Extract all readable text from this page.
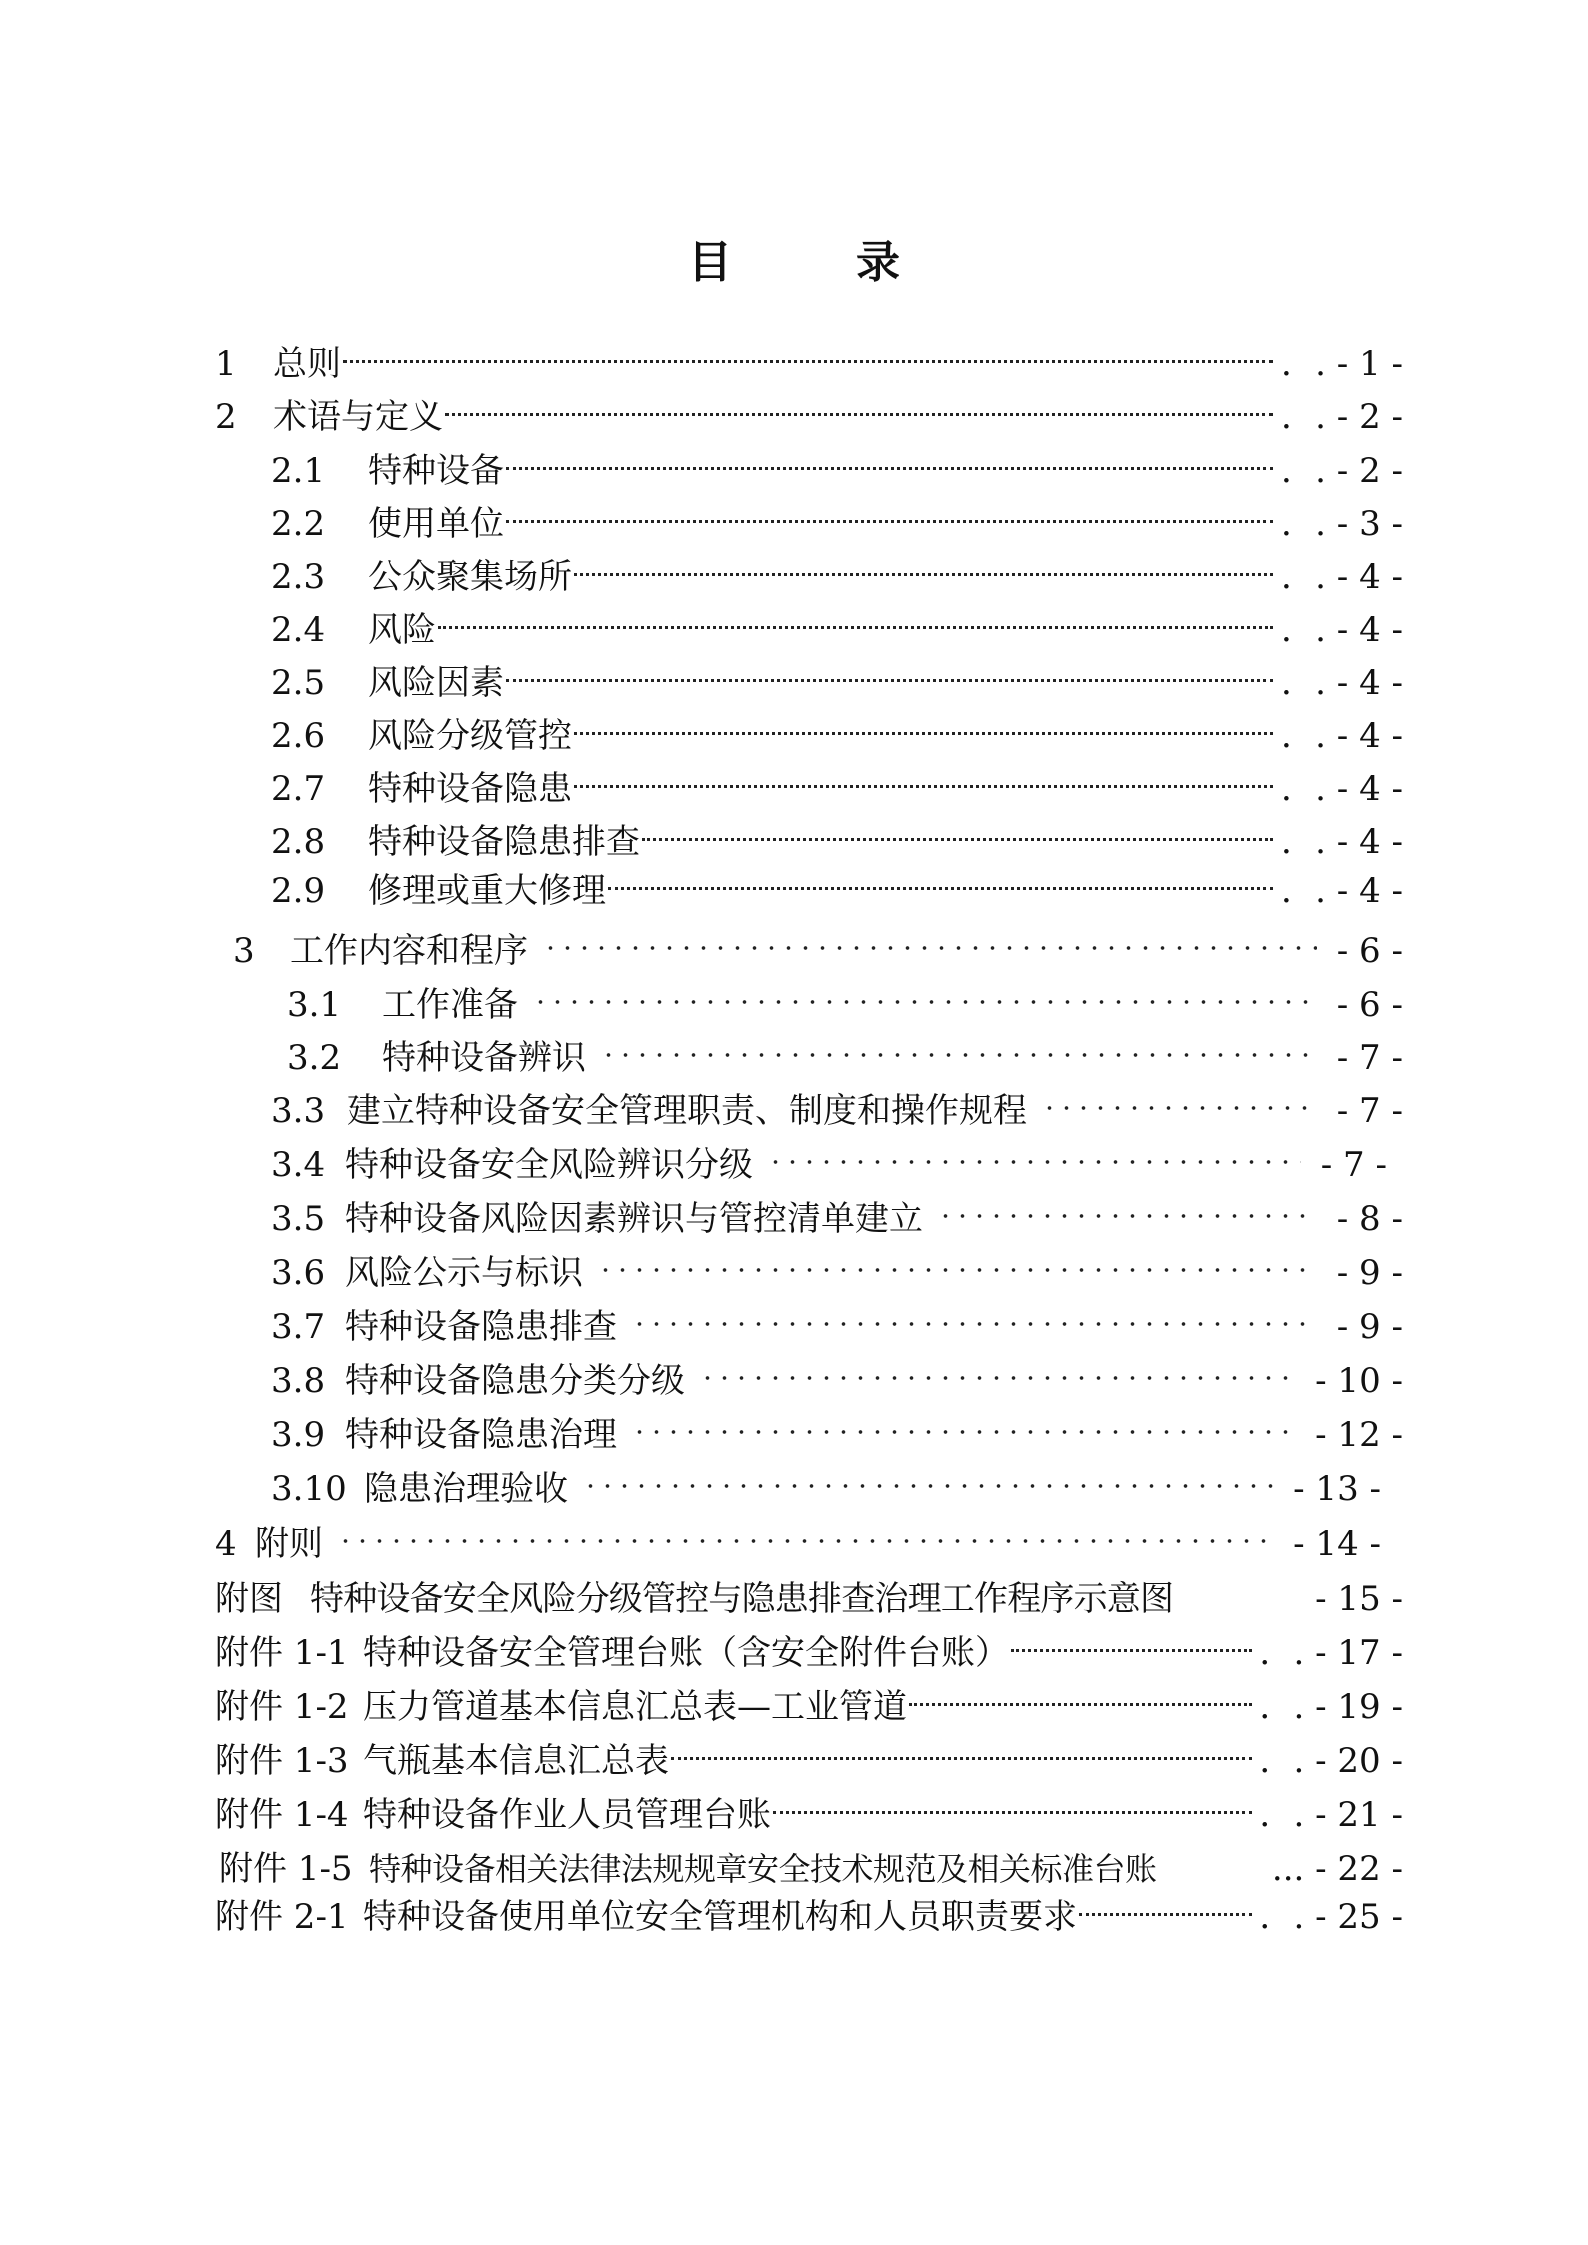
目　录
1	总则	．. - 1 -
2	术语与定义	．. - 2 -
2.1	特种设备	．. - 2 -
2.2	使用单位	．. - 3 -
2.3	公众聚集场所	．. - 4 -
2.4	风险	．. - 4 -
2.5	风险因素	．. - 4 -
2.6	风险分级管控	．. - 4 -
2.7	特种设备隐患	．. - 4 -
2.8	特种设备隐患排查	．. - 4 -
2.9	修理或重大修理	．. - 4 -
3	工作内容和程序	- 6 -
3.1	工作准备	- 6 -
3.2	特种设备辨识	- 7 -
3.3 建立特种设备安全管理职责、制度和操作规程	- 7 -
3.4 特种设备安全风险辨识分级	- 7 -
3.5 特种设备风险因素辨识与管控清单建立	- 8 -
3.6 风险公示与标识	- 9 -
3.7 特种设备隐患排查	- 9 -
3.8 特种设备隐患分类分级	- 10 -
3.9 特种设备隐患治理	- 12 -
3.10 隐患治理验收	- 13 -
4 附则	- 14 -
附图 特种设备安全风险分级管控与隐患排查治理工作程序示意图	- 15 -
附件 1-1 特种设备安全管理台账（含安全附件台账）	．. - 17 -
附件 1-2 压力管道基本信息汇总表—工业管道	．. - 19 -
附件 1-3 气瓶基本信息汇总表	．. - 20 -
附件 1-4 特种设备作业人员管理台账	．. - 21 -
附件 1-5 特种设备相关法律法规规章安全技术规范及相关标准台账	... - 22 -
附件 2-1 特种设备使用单位安全管理机构和人员职责要求	．. - 25 -
